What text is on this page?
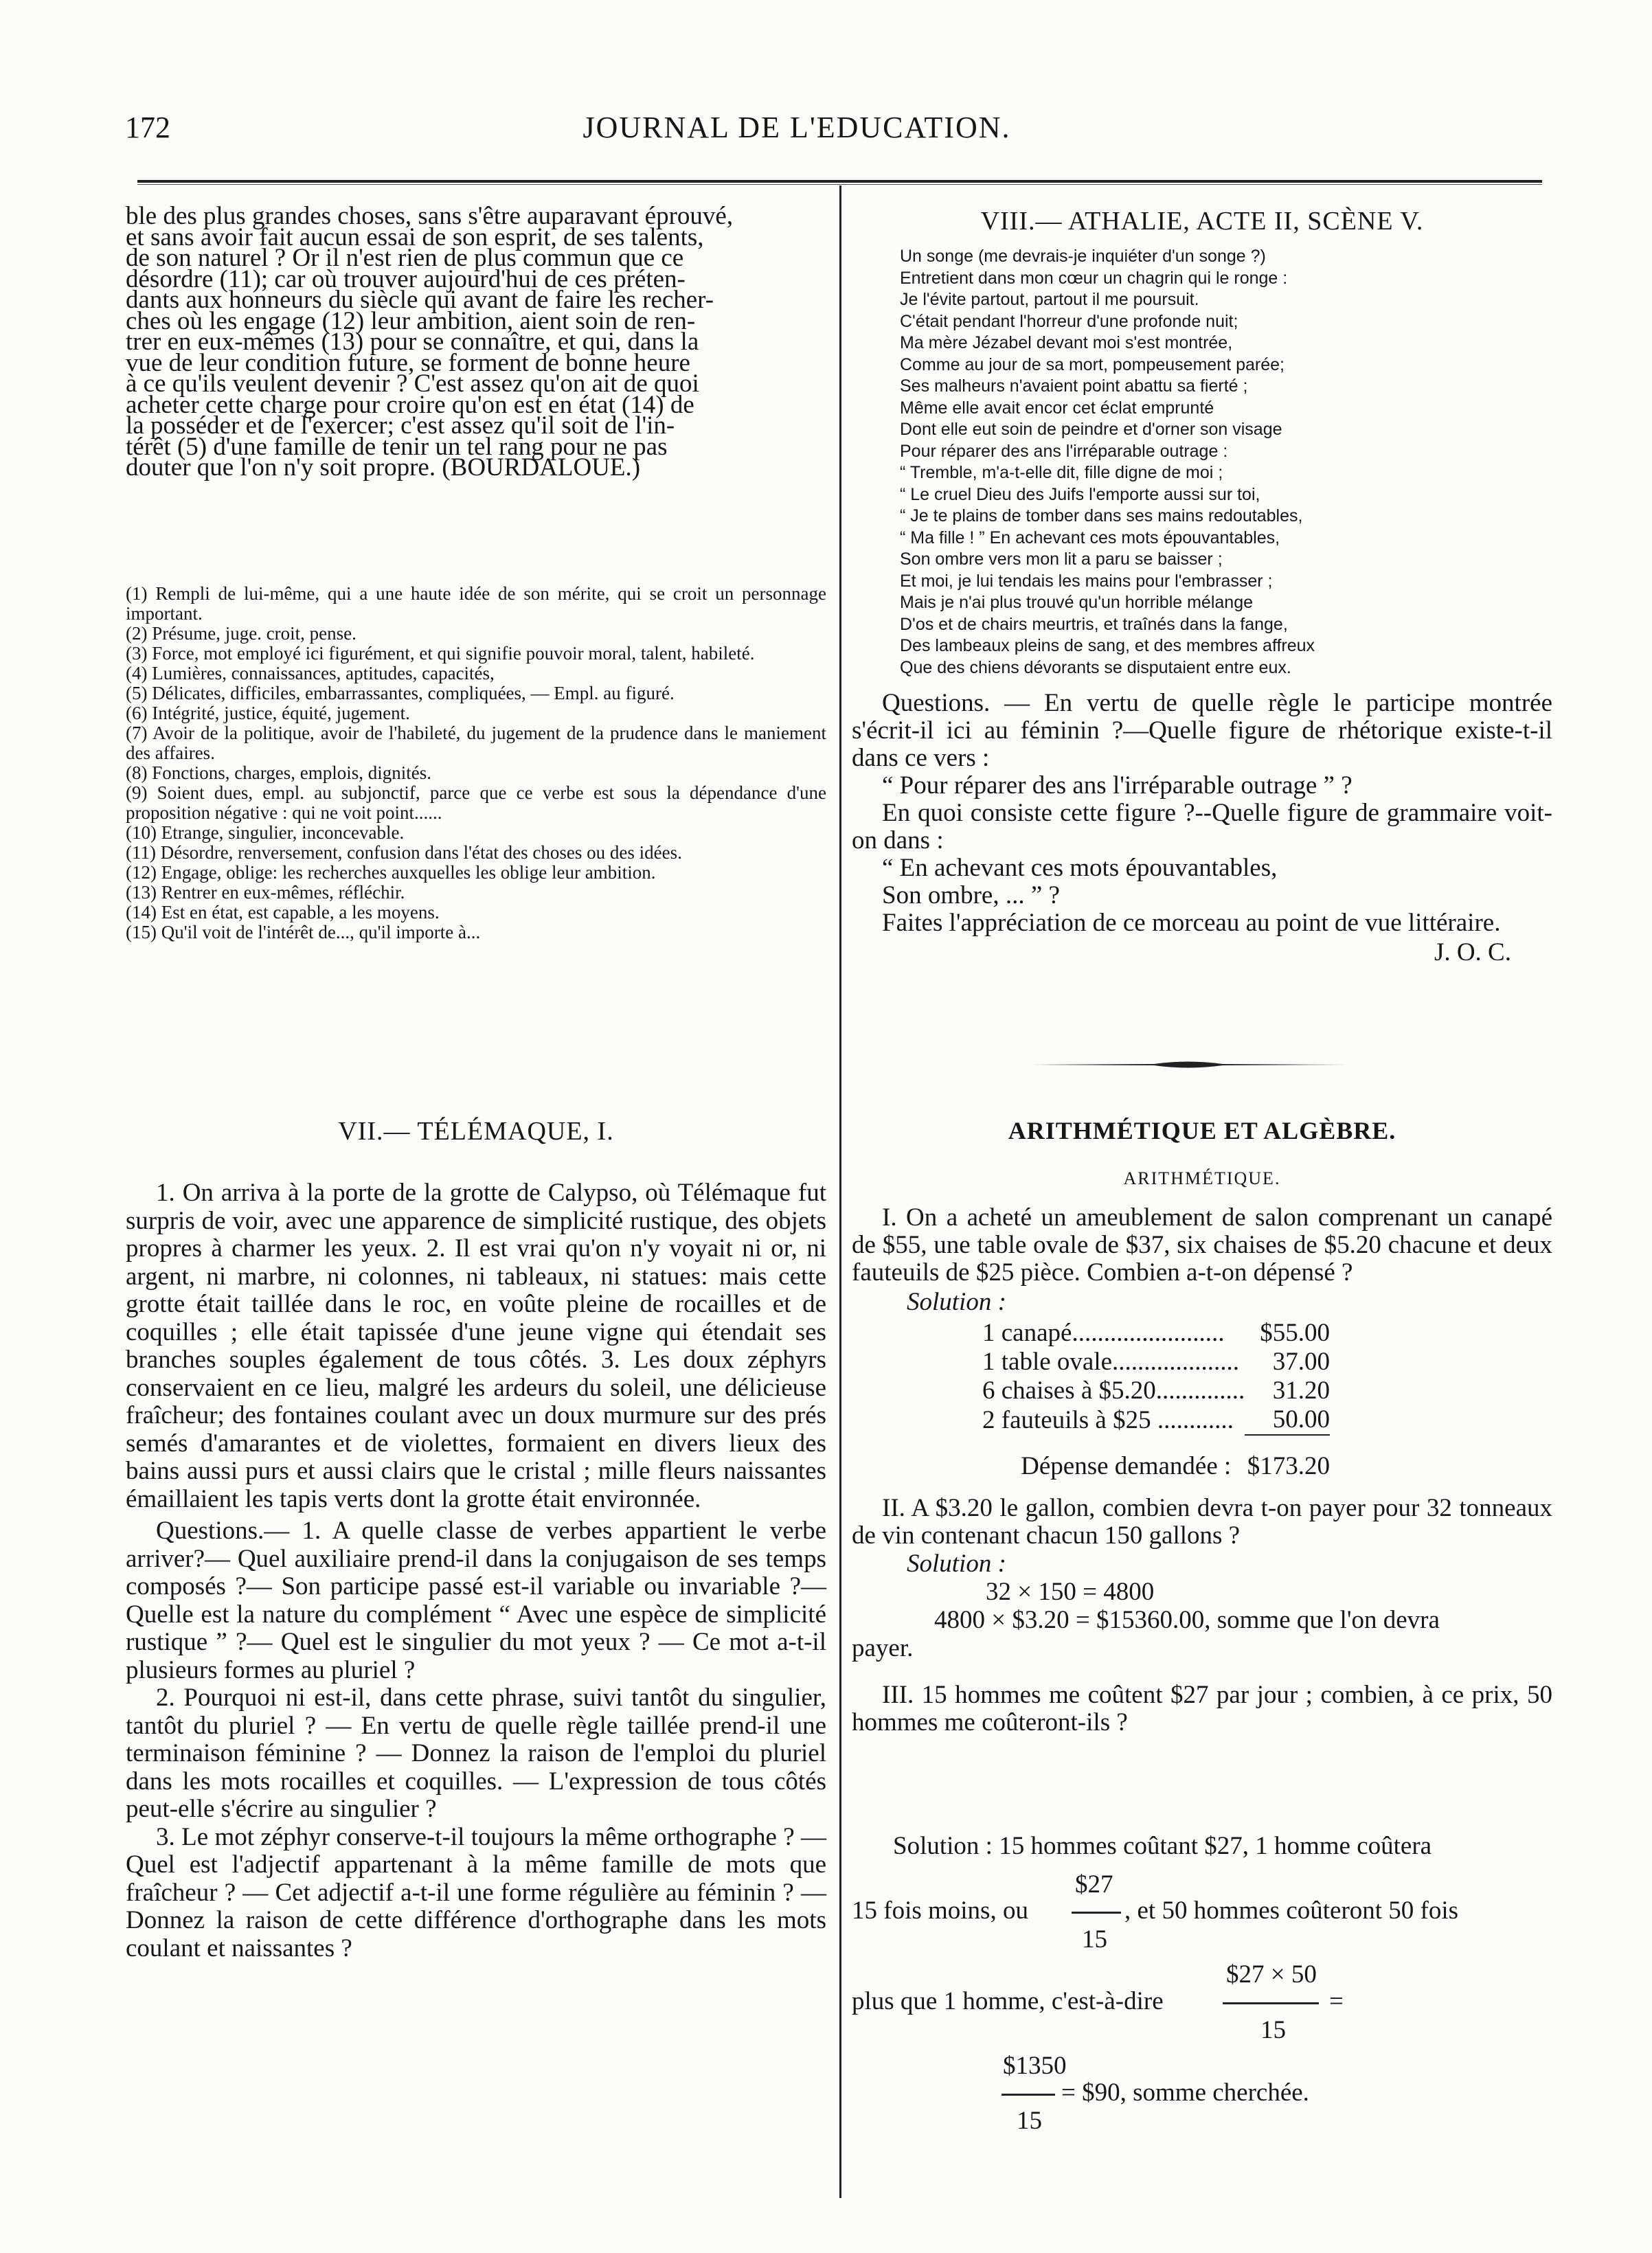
172	JOURNAL DE L'EDUCATION.
ble des plus grandes choses, sans s'être auparavant éprouvé,
et sans avoir fait aucun essai de son esprit, de ses talents,
de son naturel ? Or il n'est rien de plus commun que ce
désordre (11); car où trouver aujourd'hui de ces préten-
dants aux honneurs du siècle qui avant de faire les recher-
ches où les engage (12) leur ambition, aient soin de ren-
trer en eux-mêmes (13) pour se connaître, et qui, dans la
vue de leur condition future, se forment de bonne heure
à ce qu'ils veulent devenir ? C'est assez qu'on ait de quoi
acheter cette charge pour croire qu'on est en état (14) de
la posséder et de l'exercer; c'est assez qu'il soit de l'in-
térêt (5) d'une famille de tenir un tel rang pour ne pas
douter que l'on n'y soit propre. (BOURDALOUE.)
(1) Rempli de lui-même, qui a une haute idée de son mérite, qui se croit un personnage important.
(2) Présume, juge. croit, pense.
(3) Force, mot employé ici figurément, et qui signifie pouvoir moral, talent, habileté.
(4) Lumières, connaissances, aptitudes, capacités,
(5) Délicates, difficiles, embarrassantes, compliquées, — Empl. au figuré.
(6) Intégrité, justice, équité, jugement.
(7) Avoir de la politique, avoir de l'habileté, du jugement de la prudence dans le maniement des affaires.
(8) Fonctions, charges, emplois, dignités.
(9) Soient dues, empl. au subjonctif, parce que ce verbe est sous la dépendance d'une proposition négative : qui ne voit point......
(10) Etrange, singulier, inconcevable.
(11) Désordre, renversement, confusion dans l'état des choses ou des idées.
(12) Engage, oblige: les recherches auxquelles les oblige leur ambition.
(13) Rentrer en eux-mêmes, réfléchir.
(14) Est en état, est capable, a les moyens.
(15) Qu'il voit de l'intérêt de..., qu'il importe à...
VII.— TÉLÉMAQUE, I.
1. On arriva à la porte de la grotte de Calypso, où Télémaque fut surpris de voir, avec une apparence de simplicité rustique, des objets propres à charmer les yeux. 2. Il est vrai qu'on n'y voyait ni or, ni argent, ni marbre, ni colonnes, ni tableaux, ni statues: mais cette grotte était taillée dans le roc, en voûte pleine de rocailles et de coquilles ; elle était tapissée d'une jeune vigne qui étendait ses branches souples également de tous côtés. 3. Les doux zéphyrs conservaient en ce lieu, malgré les ardeurs du soleil, une délicieuse fraîcheur; des fontaines coulant avec un doux murmure sur des prés semés d'amarantes et de violettes, formaient en divers lieux des bains aussi purs et aussi clairs que le cristal ; mille fleurs naissantes émaillaient les tapis verts dont la grotte était environnée.
Questions.— 1. A quelle classe de verbes appartient le verbe arriver?— Quel auxiliaire prend-il dans la conjugaison de ses temps composés ?— Son participe passé est-il variable ou invariable ?— Quelle est la nature du complément “ Avec une espèce de simplicité rustique ” ?— Quel est le singulier du mot yeux ? — Ce mot a-t-il plusieurs formes au pluriel ?
2. Pourquoi ni est-il, dans cette phrase, suivi tantôt du singulier, tantôt du pluriel ? — En vertu de quelle règle taillée prend-il une terminaison féminine ? — Donnez la raison de l'emploi du pluriel dans les mots rocailles et coquilles. — L'expression de tous côtés peut-elle s'écrire au singulier ?
3. Le mot zéphyr conserve-t-il toujours la même orthographe ? — Quel est l'adjectif appartenant à la même famille de mots que fraîcheur ? — Cet adjectif a-t-il une forme régulière au féminin ? — Donnez la raison de cette différence d'orthographe dans les mots coulant et naissantes ?
VIII.— ATHALIE, ACTE II, SCÈNE V.
Un songe (me devrais-je inquiéter d'un songe ?)
Entretient dans mon cœur un chagrin qui le ronge :
Je l'évite partout, partout il me poursuit.
C'était pendant l'horreur d'une profonde nuit;
Ma mère Jézabel devant moi s'est montrée,
Comme au jour de sa mort, pompeusement parée;
Ses malheurs n'avaient point abattu sa fierté ;
Même elle avait encor cet éclat emprunté
Dont elle eut soin de peindre et d'orner son visage
Pour réparer des ans l'irréparable outrage :
“ Tremble, m'a-t-elle dit, fille digne de moi ;
“ Le cruel Dieu des Juifs l'emporte aussi sur toi,
“ Je te plains de tomber dans ses mains redoutables,
“ Ma fille ! ” En achevant ces mots épouvantables,
Son ombre vers mon lit a paru se baisser ;
Et moi, je lui tendais les mains pour l'embrasser ;
Mais je n'ai plus trouvé qu'un horrible mélange
D'os et de chairs meurtris, et traînés dans la fange,
Des lambeaux pleins de sang, et des membres affreux
Que des chiens dévorants se disputaient entre eux.
Questions. — En vertu de quelle règle le participe montrée s'écrit-il ici au féminin ?—Quelle figure de rhétorique existe-t-il dans ce vers :
“ Pour réparer des ans l'irréparable outrage ” ?
En quoi consiste cette figure ?--Quelle figure de grammaire voit-on dans :
“ En achevant ces mots épouvantables,
Son ombre, ... ” ?
Faites l'appréciation de ce morceau au point de vue littéraire.
J. O. C.
ARITHMÉTIQUE ET ALGÈBRE.
ARITHMÉTIQUE.
I. On a acheté un ameublement de salon comprenant un canapé de $55, une table ovale de $37, six chaises de $5.20 chacune et deux fauteuils de $25 pièce. Combien a-t-on dépensé ?
Solution :
1 canapé........................	$55.00
1 table ovale....................	37.00
6 chaises à $5.20..............	31.20
2 fauteuils à $25 ............	50.00
Dépense demandée :	$173.20
II. A $3.20 le gallon, combien devra t-on payer pour 32 tonneaux de vin contenant chacun 150 gallons ?
Solution :
32 × 150 = 4800
4800 × $3.20 = $15360.00, somme que l'on devra
payer.
III. 15 hommes me coûtent $27 par jour ; combien, à ce prix, 50 hommes me coûteront-ils ?
Solution : 15 hommes coûtant $27, 1 homme coûtera
$27
15 fois moins, ou	, et 50 hommes coûteront 50 fois
15
$27 × 50
plus que 1 homme, c'est-à-dire	=
15
$1350
= $90, somme cherchée.
15
